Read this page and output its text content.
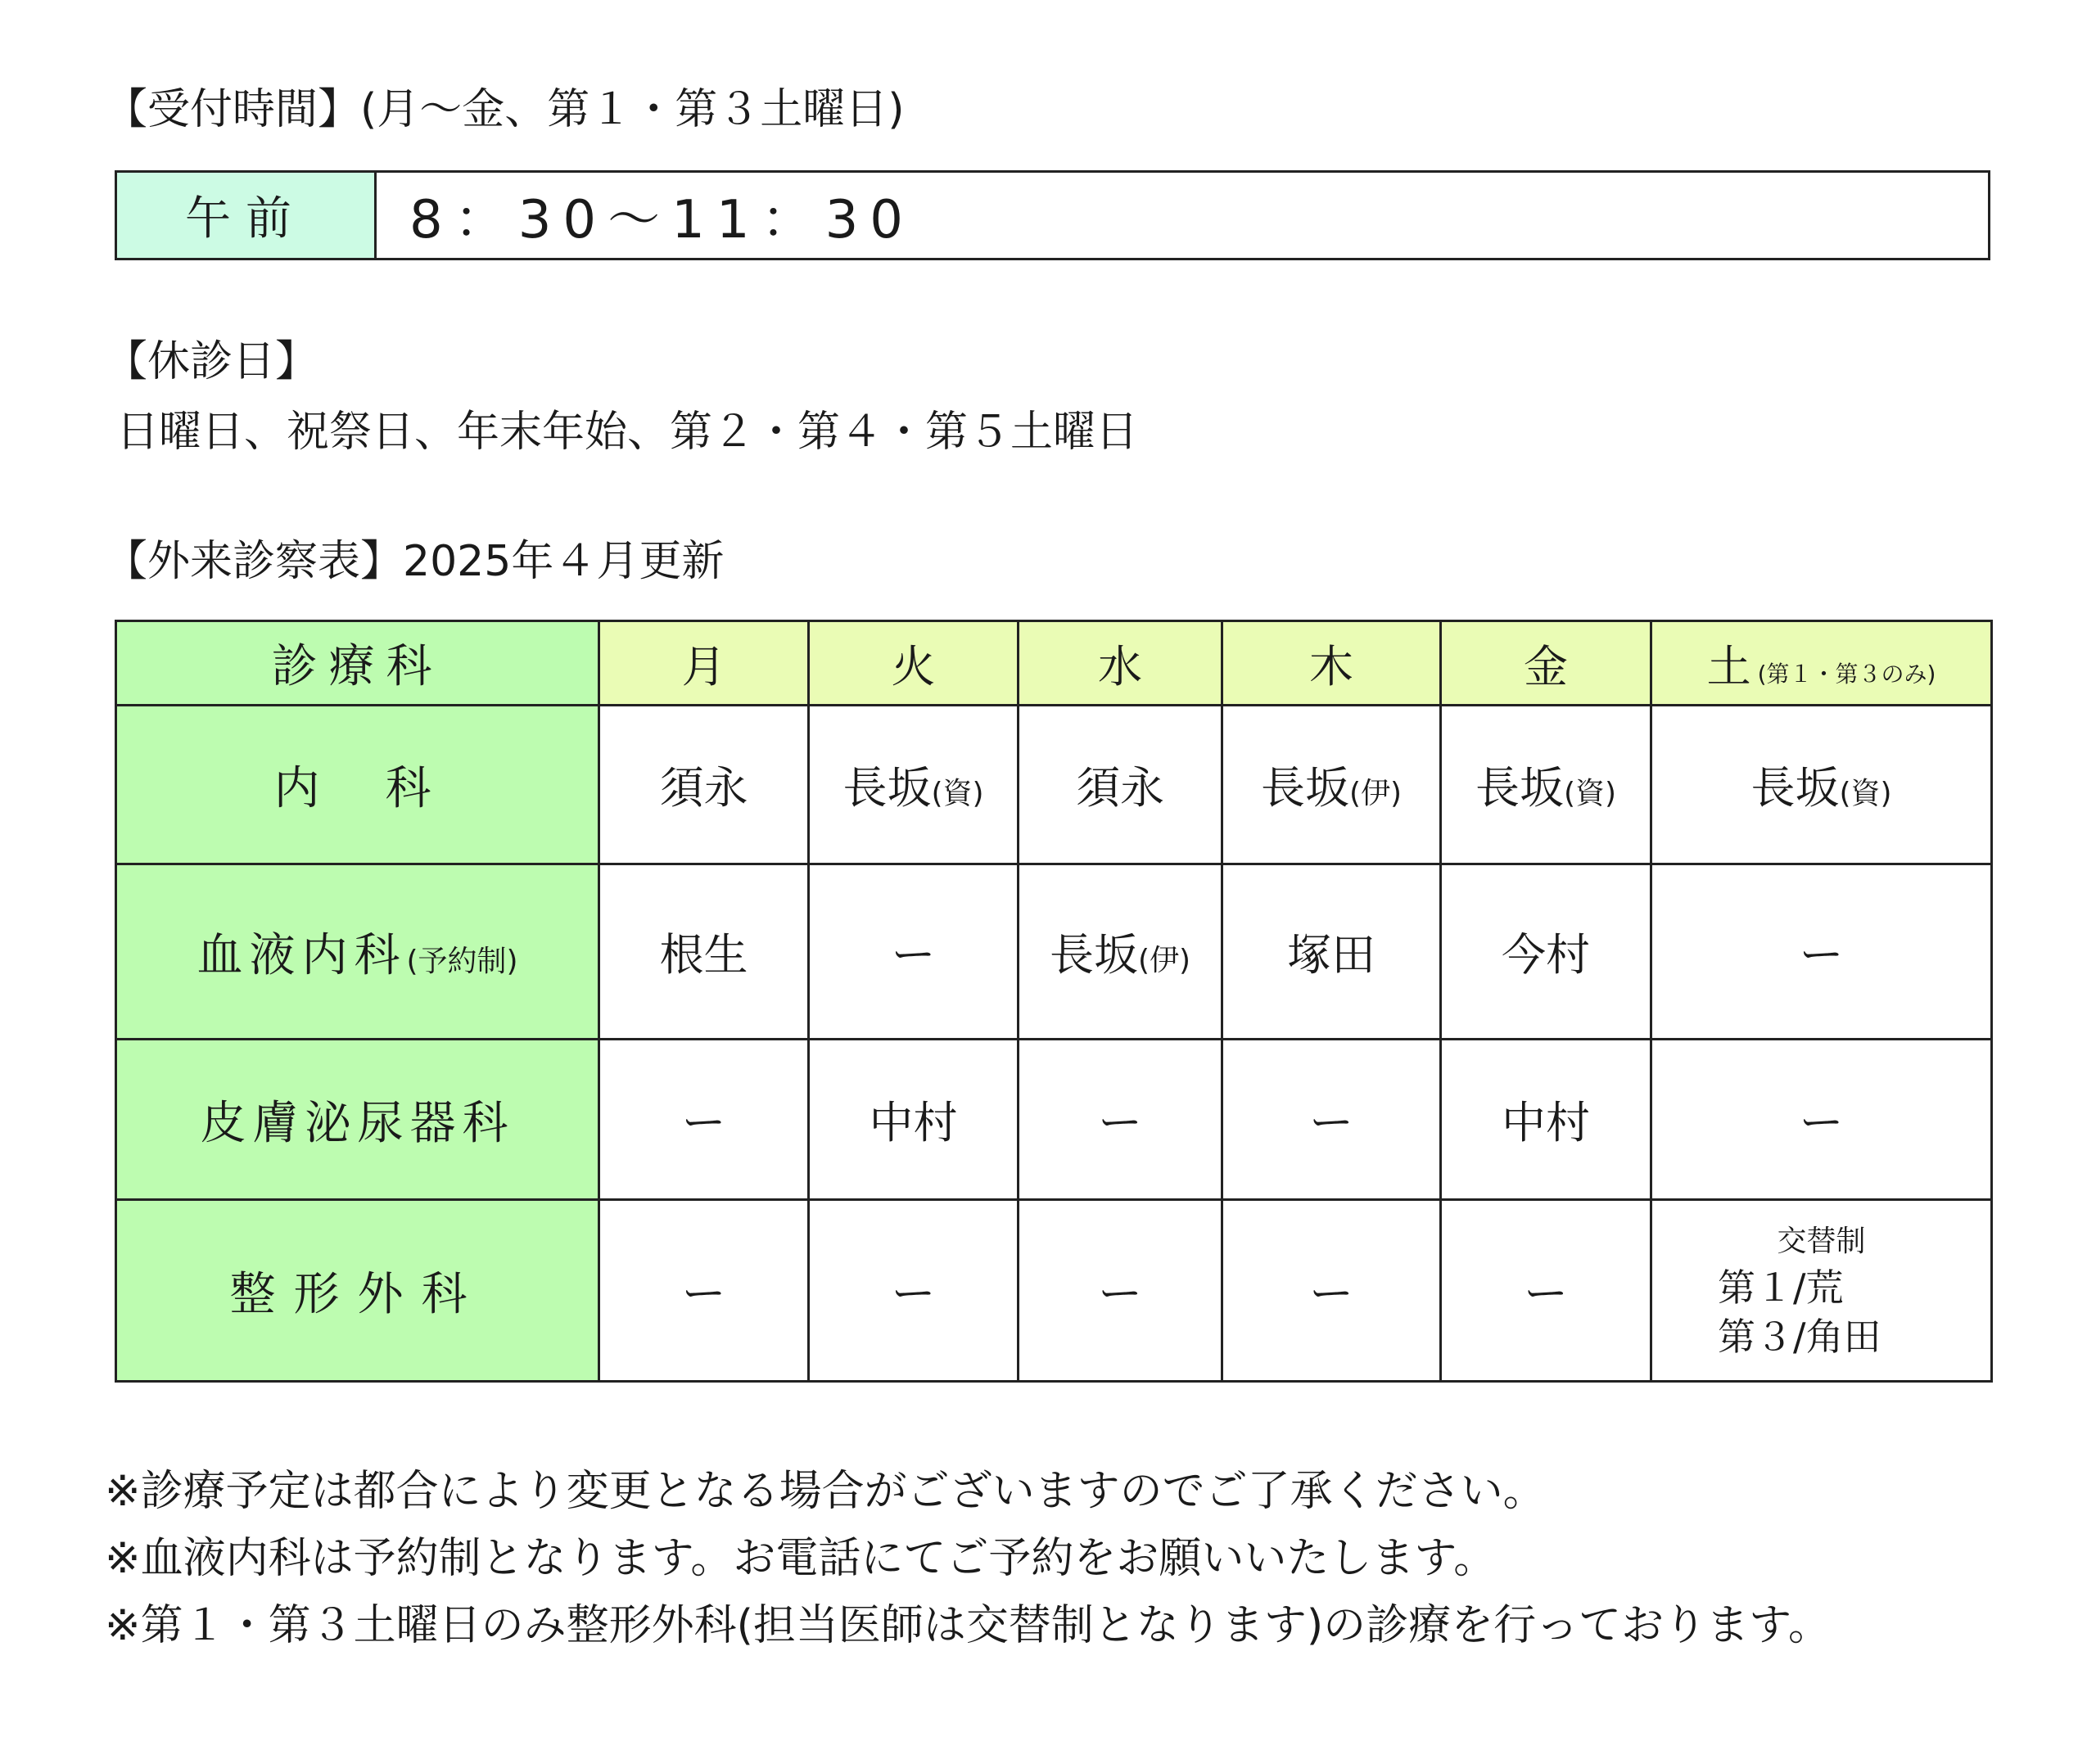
【受付時間】(月～金、第１・第３土曜日)
午前	8：30〜11：30
【休診日】
日曜日、祝祭日、年末年始、第２・第４・第５土曜日
【外来診察表】2025年４月更新
診療科	月	火	水	木	金	土 (第１・第３のみ)
内　科	須永	長坂(資)	須永	長坂(伊)	長坂(資)	長坂(資)
血液内科(予約制)	根生	ー	長坂(伊)	塚田	今村	ー
皮膚泌尿器科	ー	中村	ー	ー	中村	ー
整形外科	ー	ー	ー	ー	ー	交替制
第１/荒
第３/角田
※診療予定は都合により変更となる場合がございますのでご了承ください。
※血液内科は予約制となります。お電話にてご予約をお願いいたします。
※第１・第３土曜日のみ整形外科(担当医師は交替制となります)の診療を行っております。
